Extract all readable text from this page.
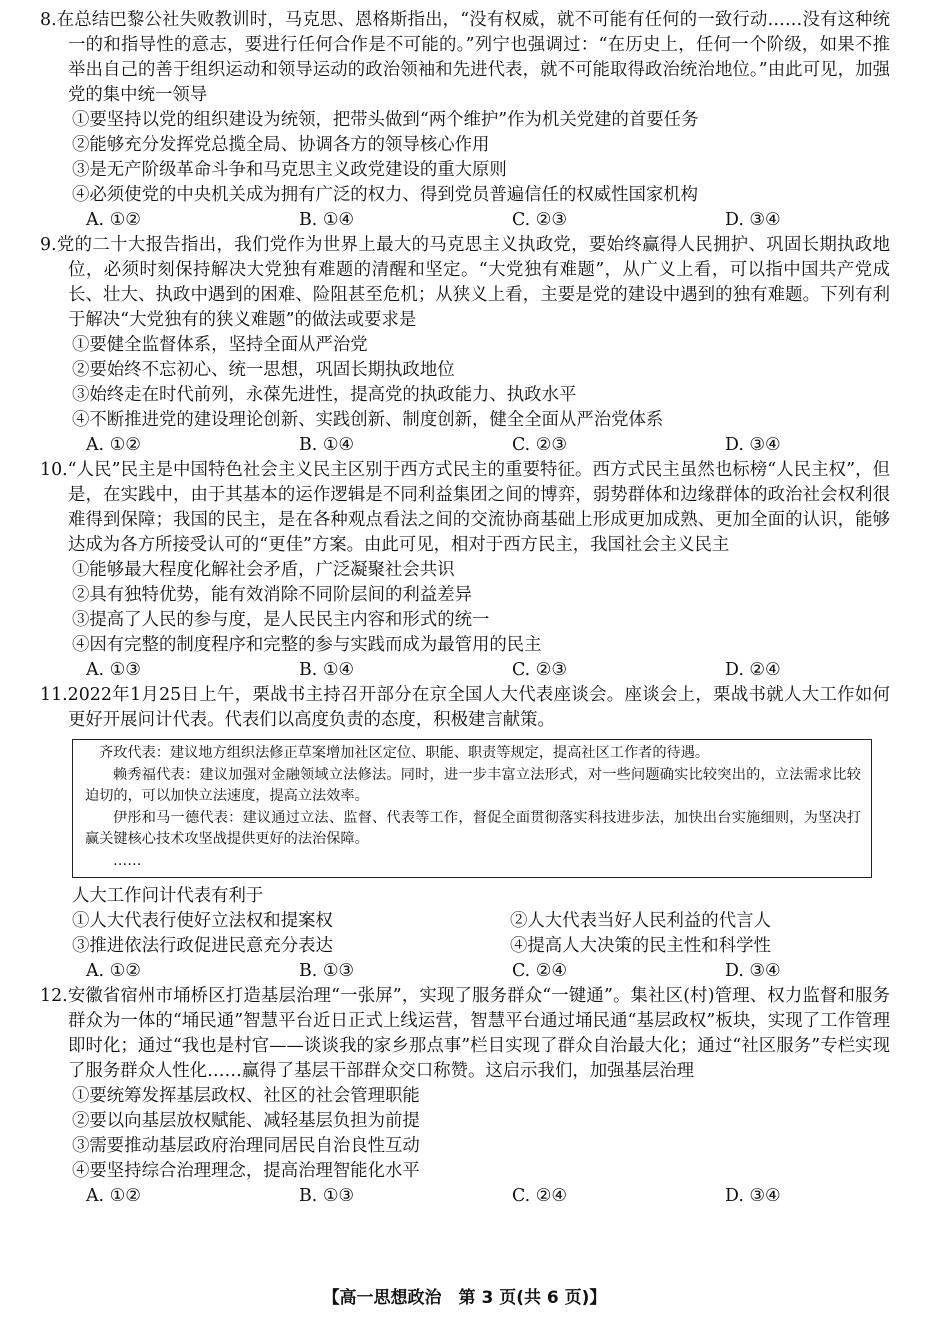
8.在总结巴黎公社失败教训时，马克思、恩格斯指出，“没有权威，就不可能有任何的一致行动……没有这种统一的和指导性的意志，要进行任何合作是不可能的。”列宁也强调过：“在历史上，任何一个阶级，如果不推举出自己的善于组织运动和领导运动的政治领袖和先进代表，就不可能取得政治统治地位。”由此可见，加强党的集中统一领导
①要坚持以党的组织建设为统领，把带头做到“两个维护”作为机关党建的首要任务
②能够充分发挥党总揽全局、协调各方的领导核心作用
③是无产阶级革命斗争和马克思主义政党建设的重大原则
④必须使党的中央机关成为拥有广泛的权力、得到党员普遍信任的权威性国家机构
A. ①②	B. ①④	C. ②③	D. ③④
9.党的二十大报告指出，我们党作为世界上最大的马克思主义执政党，要始终赢得人民拥护、巩固长期执政地位，必须时刻保持解决大党独有难题的清醒和坚定。“大党独有难题”，从广义上看，可以指中国共产党成长、壮大、执政中遇到的困难、险阻甚至危机；从狭义上看，主要是党的建设中遇到的独有难题。下列有利于解决“大党独有的狭义难题”的做法或要求是
①要健全监督体系，坚持全面从严治党
②要始终不忘初心、统一思想，巩固长期执政地位
③始终走在时代前列，永葆先进性，提高党的执政能力、执政水平
④不断推进党的建设理论创新、实践创新、制度创新，健全全面从严治党体系
A. ①②	B. ①④	C. ②③	D. ③④
10.“人民”民主是中国特色社会主义民主区别于西方式民主的重要特征。西方式民主虽然也标榜“人民主权”，但是，在实践中，由于其基本的运作逻辑是不同利益集团之间的博弈，弱势群体和边缘群体的政治社会权利很难得到保障；我国的民主，是在各种观点看法之间的交流协商基础上形成更加成熟、更加全面的认识，能够达成为各方所接受认可的“更佳”方案。由此可见，相对于西方民主，我国社会主义民主
①能够最大程度化解社会矛盾，广泛凝聚社会共识
②具有独特优势，能有效消除不同阶层间的利益差异
③提高了人民的参与度，是人民民主内容和形式的统一
④因有完整的制度程序和完整的参与实践而成为最管用的民主
A. ①③	B. ①④	C. ②③	D. ②④
11.2022年1月25日上午，栗战书主持召开部分在京全国人大代表座谈会。座谈会上，栗战书就人大工作如何更好开展问计代表。代表们以高度负责的态度，积极建言献策。

齐玫代表：建议地方组织法修正草案增加社区定位、职能、职责等规定，提高社区工作者的待遇。

赖秀福代表：建议加强对金融领域立法修法。同时，进一步丰富立法形式，对一些问题确实比较突出的，立法需求比较迫切的，可以加快立法速度，提高立法效率。

伊彤和马一德代表：建议通过立法、监督、代表等工作，督促全面贯彻落实科技进步法，加快出台实施细则，为坚决打赢关键核心技术攻坚战提供更好的法治保障。

……

人大工作问计代表有利于
①人大代表行使好立法权和提案权	②人大代表当好人民利益的代言人
③推进依法行政促进民意充分表达	④提高人大决策的民主性和科学性
A. ①②	B. ①③	C. ②④	D. ③④
12.安徽省宿州市埇桥区打造基层治理“一张屏”，实现了服务群众“一键通”。集社区(村)管理、权力监督和服务群众为一体的“埇民通”智慧平台近日正式上线运营，智慧平台通过埇民通“基层政权”板块，实现了工作管理即时化；通过“我也是村官——谈谈我的家乡那点事”栏目实现了群众自治最大化；通过“社区服务”专栏实现了服务群众人性化……赢得了基层干部群众交口称赞。这启示我们，加强基层治理
①要统筹发挥基层政权、社区的社会管理职能
②要以向基层放权赋能、减轻基层负担为前提
③需要推动基层政府治理同居民自治良性互动
④要坚持综合治理理念，提高治理智能化水平
A. ①②	B. ①③	C. ②④	D. ③④
【高一思想政治　第 3 页(共 6 页)】
